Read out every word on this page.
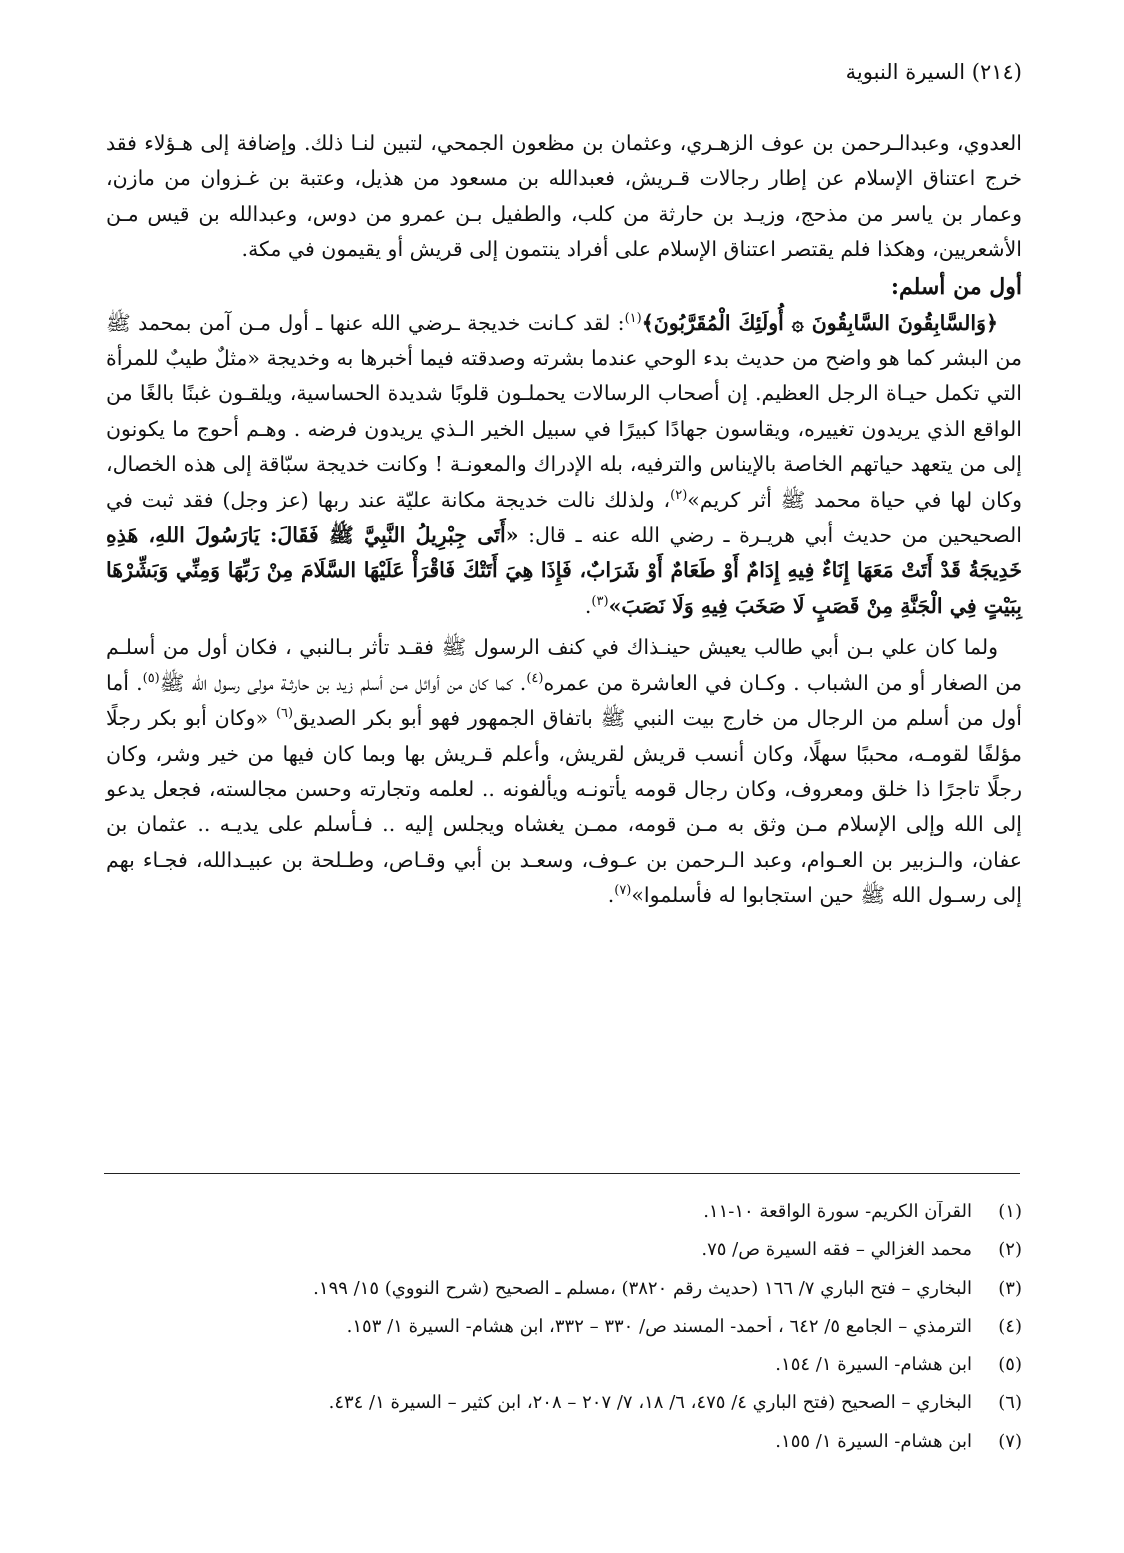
(٢١٤) السيرة النبوية

العدوي، وعبدالـرحمن بن عوف الزهـري، وعثمان بن مظعون الجمحي، لتبين لنـا ذلك. وإضافة إلى هـؤلاء فقد خرج اعتناق الإسلام عن إطار رجالات قـريش، فعبدالله بن مسعود من هذيل، وعتبة بن غـزوان من مازن، وعمار بن ياسر من مذحج، وزيـد بن حارثة من كلب، والطفيل بـن عمرو من دوس، وعبدالله بن قيس مـن الأشعريين، وهكذا فلم يقتصر اعتناق الإسلام على أفراد ينتمون إلى قريش أو يقيمون في مكة.

أول من أسلم:

﴿وَالسَّابِقُونَ السَّابِقُونَ ۞ أُولَئِكَ الْمُقَرَّبُونَ﴾$^{(١)}$: لقد كـانت خديجة ـرضي الله عنها ـ أول مـن آمن بمحمد ﷺ من البشر كما هو واضح من حديث بدء الوحي عندما بشرته وصدقته فيما أخبرها به وخديجة «مثلٌ طيبٌ للمرأة التي تكمل حيـاة الرجل العظيم. إن أصحاب الرسالات يحملـون قلوبًا شديدة الحساسية، ويلقـون غبنًا بالغًا من الواقع الذي يريدون تغييره، ويقاسون جهادًا كبيرًا في سبيل الخير الـذي يريدون فرضه . وهـم أحوج ما يكونون إلى من يتعهد حياتهم الخاصة بالإيناس والترفيه، بله الإدراك والمعونـة ! وكانت خديجة سبّاقة إلى هذه الخصال، وكان لها في حياة محمد ﷺ أثر كريم»$^{(٢)}$، ولذلك نالت خديجة مكانة عليّة عند ربها (عز وجل) فقد ثبت في الصحيحين من حديث أبي هريـرة ـ رضي الله عنه ـ قال: «أَتَى جِبْرِيلُ النَّبِيَّ ﷺ فَقَالَ: يَارَسُولَ اللهِ، هَذِهِ خَدِيجَةُ قَدْ أَتَتْ مَعَهَا إِنَاءٌ فِيهِ إِدَامٌ أَوْ طَعَامٌ أَوْ شَرَابٌ، فَإِذَا هِيَ أَتَتْكَ فَاقْرَأْ عَلَيْهَا السَّلَامَ مِنْ رَبِّهَا وَمِنِّي وَبَشِّرْهَا بِبَيْتٍ فِي الْجَنَّةِ مِنْ قَصَبٍ لَا صَخَبَ فِيهِ وَلَا نَصَبَ»$^{(٣)}$.

ولما كان علي بـن أبي طالب يعيش حينـذاك في كنف الرسول ﷺ فقـد تأثر بـالنبي ، فكان أول من أسلـم من الصغار أو من الشباب . وكـان في العاشرة من عمره$^{(٤)}$. كما كان من أوائل مـن أسلم زيد بن حارثـة مولى رسول الله ﷺ$^{(٥)}$. أما أول من أسلم من الرجال من خارج بيت النبي ﷺ باتفاق الجمهور فهو أبو بكر الصديق$^{(٦)}$ «وكان أبو بكر رجلًا مؤلفًا لقومـه، محببًا سهلًا، وكان أنسب قريش لقريش، وأعلم قـريش بها وبما كان فيها من خير وشر، وكان رجلًا تاجرًا ذا خلق ومعروف، وكان رجال قومه يأتونـه ويألفونه .. لعلمه وتجارته وحسن مجالسته، فجعل يدعو إلى الله وإلى الإسلام مـن وثق به مـن قومه، ممـن يغشاه ويجلس إليه .. فـأسلم على يديـه .. عثمان بن عفان، والـزبير بن العـوام، وعبد الـرحمن بن عـوف، وسعـد بن أبي وقـاص، وطـلحة بن عبيـدالله، فجـاء بهم إلى رسـول الله ﷺ حين استجابوا له فأسلموا»$^{(٧)}$.

(١)القرآن الكريم- سورة الواقعة ١٠-١١.
(٢)محمد الغزالي – فقه السيرة ص/ ٧٥.
(٣)البخاري – فتح الباري ٧/ ١٦٦ (حديث رقم ٣٨٢٠) ،مسلم ـ الصحيح (شرح النووي) ١٥/ ١٩٩.
(٤)الترمذي – الجامع ٥/ ٦٤٢ ، أحمد- المسند ص/ ٣٣٠ – ٣٣٢، ابن هشام- السيرة ١/ ١٥٣.
(٥)ابن هشام- السيرة ١/ ١٥٤.
(٦)البخاري – الصحيح (فتح الباري ٤/ ٤٧٥، ٦/ ١٨، ٧/ ٢٠٧ – ٢٠٨، ابن كثير – السيرة ١/ ٤٣٤.
(٧)ابن هشام- السيرة ١/ ١٥٥.
